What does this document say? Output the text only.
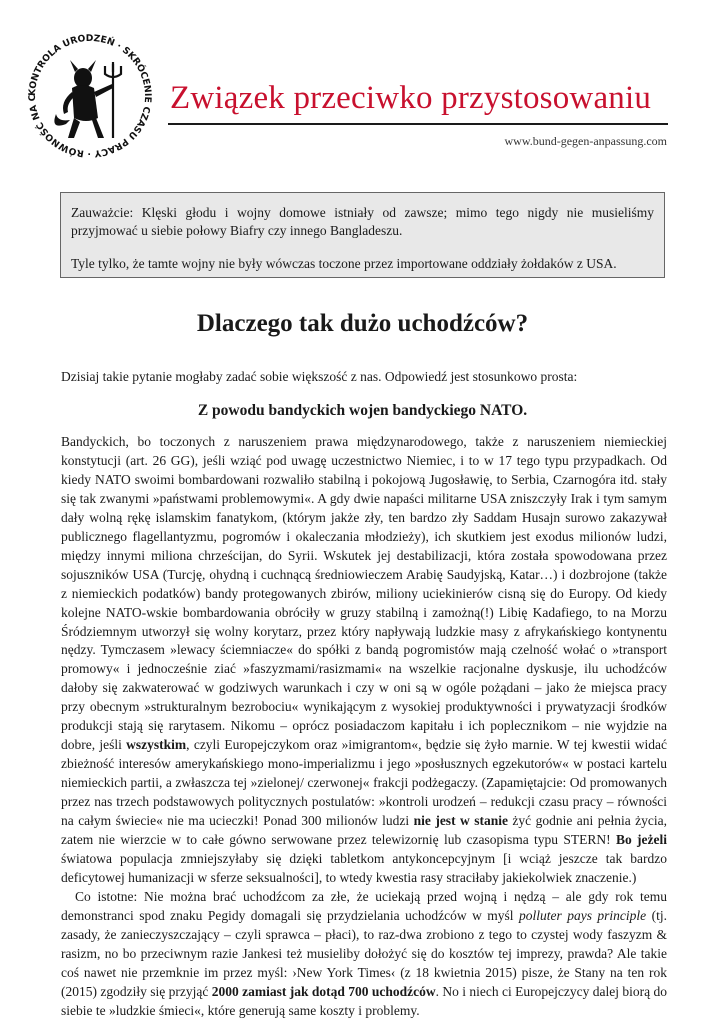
KONTROLA URODZEŃ · SKRÓCENIE CZASU PRACY · RÓWNOŚĆ NA C	Związek przeciwko przystosowaniu
www.bund-gegen-anpassung.com

Zauważcie: Klęski głodu i wojny domowe istniały od zawsze; mimo tego nigdy nie musieliśmy przyjmować u siebie połowy Biafry czy innego Bangladeszu.

Tyle tylko, że tamte wojny nie były wówczas toczone przez importowane oddziały żołdaków z USA.

Dlaczego tak dużo uchodźców?
Dzisiaj takie pytanie mogłaby zadać sobie większość z nas. Odpowiedź jest stosunkowo prosta:
Z powodu bandyckich wojen bandyckiego NATO.

Bandyckich, bo toczonych z naruszeniem prawa międzynarodowego, także z naruszeniem niemieckiej konstytucji (art. 26 GG), jeśli wziąć pod uwagę uczestnictwo Niemiec, i to w 17 tego typu przypadkach. Od kiedy NATO swoimi bombardowani rozwaliło stabilną i pokojową Jugosławię, to Serbia, Czarnogóra itd. stały się tak zwanymi »państwami problemowymi«. A gdy dwie napaści militarne USA zniszczyły Irak i tym samym dały wolną rękę islamskim fanatykom, (którym jakże zły, ten bardzo zły Saddam Husajn surowo zakazywał publicznego flagellantyzmu, pogromów i okaleczania młodzieży), ich skutkiem jest exodus milionów ludzi, między innymi miliona chrześcijan, do Syrii. Wskutek jej destabilizacji, która została spowodowana przez sojuszników USA (Turcję, ohydną i cuchnącą średniowieczem Arabię Saudyjską, Katar…) i dozbrojone (także z niemieckich podatków) bandy protegowanych zbirów, miliony uciekinierów cisną się do Europy. Od kiedy kolejne NATO-wskie bombardowania obróciły w gruzy stabilną i zamożną(!) Libię Kadafiego, to na Morzu Śródziemnym utworzył się wolny korytarz, przez który napływają ludzkie masy z afrykańskiego kontynentu nędzy. Tymczasem »lewacy ściemniacze« do spółki z bandą pogromistów mają czelność wołać o »transport promowy« i jednocześnie ziać »faszyzmami/rasizmami« na wszelkie racjonalne dyskusje, ilu uchodźców dałoby się zakwaterować w godziwych warunkach i czy w oni są w ogóle pożądani – jako że miejsca pracy przy obecnym »strukturalnym bezrobociu« wynikającym z wysokiej produktywności i prywatyzacji środków produkcji stają się rarytasem. Nikomu – oprócz posiadaczom kapitału i ich poplecznikom – nie wyjdzie na dobre, jeśli wszystkim, czyli Europejczykom oraz »imigrantom«, będzie się żyło marnie. W tej kwestii widać zbieżność interesów amerykańskiego mono-imperializmu i jego »posłusznych egzekutorów« w postaci kartelu niemieckich partii, a zwłaszcza tej »zielonej/ czerwonej« frakcji podżegaczy. (Zapamiętajcie: Od promowanych przez nas trzech podstawowych politycznych postulatów: »kontroli urodzeń – redukcji czasu pracy – równości na całym świecie« nie ma ucieczki! Ponad 300 milionów ludzi nie jest w stanie żyć godnie ani pełnia życia, zatem nie wierzcie w to całe gówno serwowane przez telewizornię lub czasopisma typu STERN! Bo jeżeli światowa populacja zmniejszyłaby się dzięki tabletkom antykoncepcyjnym [i wciąż jeszcze tak bardzo deficytowej humanizacji w sferze seksualności], to wtedy kwestia rasy straciłaby jakiekolwiek znaczenie.)

Co istotne: Nie można brać uchodźcom za złe, że uciekają przed wojną i nędzą – ale gdy rok temu demonstranci spod znaku Pegidy domagali się przydzielania uchodźców w myśl polluter pays principle (tj. zasady, że zanieczyszczający – czyli sprawca – płaci), to raz-dwa zrobiono z tego to czystej wody faszyzm & rasizm, no bo przeciwnym razie Jankesi też musieliby dołożyć się do kosztów tej imprezy, prawda? Ale takie coś nawet nie przemknie im przez myśl: ›New York Times‹ (z 18 kwietnia 2015) pisze, że Stany na ten rok (2015) zgodziły się przyjąć 2000 zamiast jak dotąd 700 uchodźców. No i niech ci Europejczycy dalej biorą do siebie te »ludzkie śmieci«, które generują same koszty i problemy.
